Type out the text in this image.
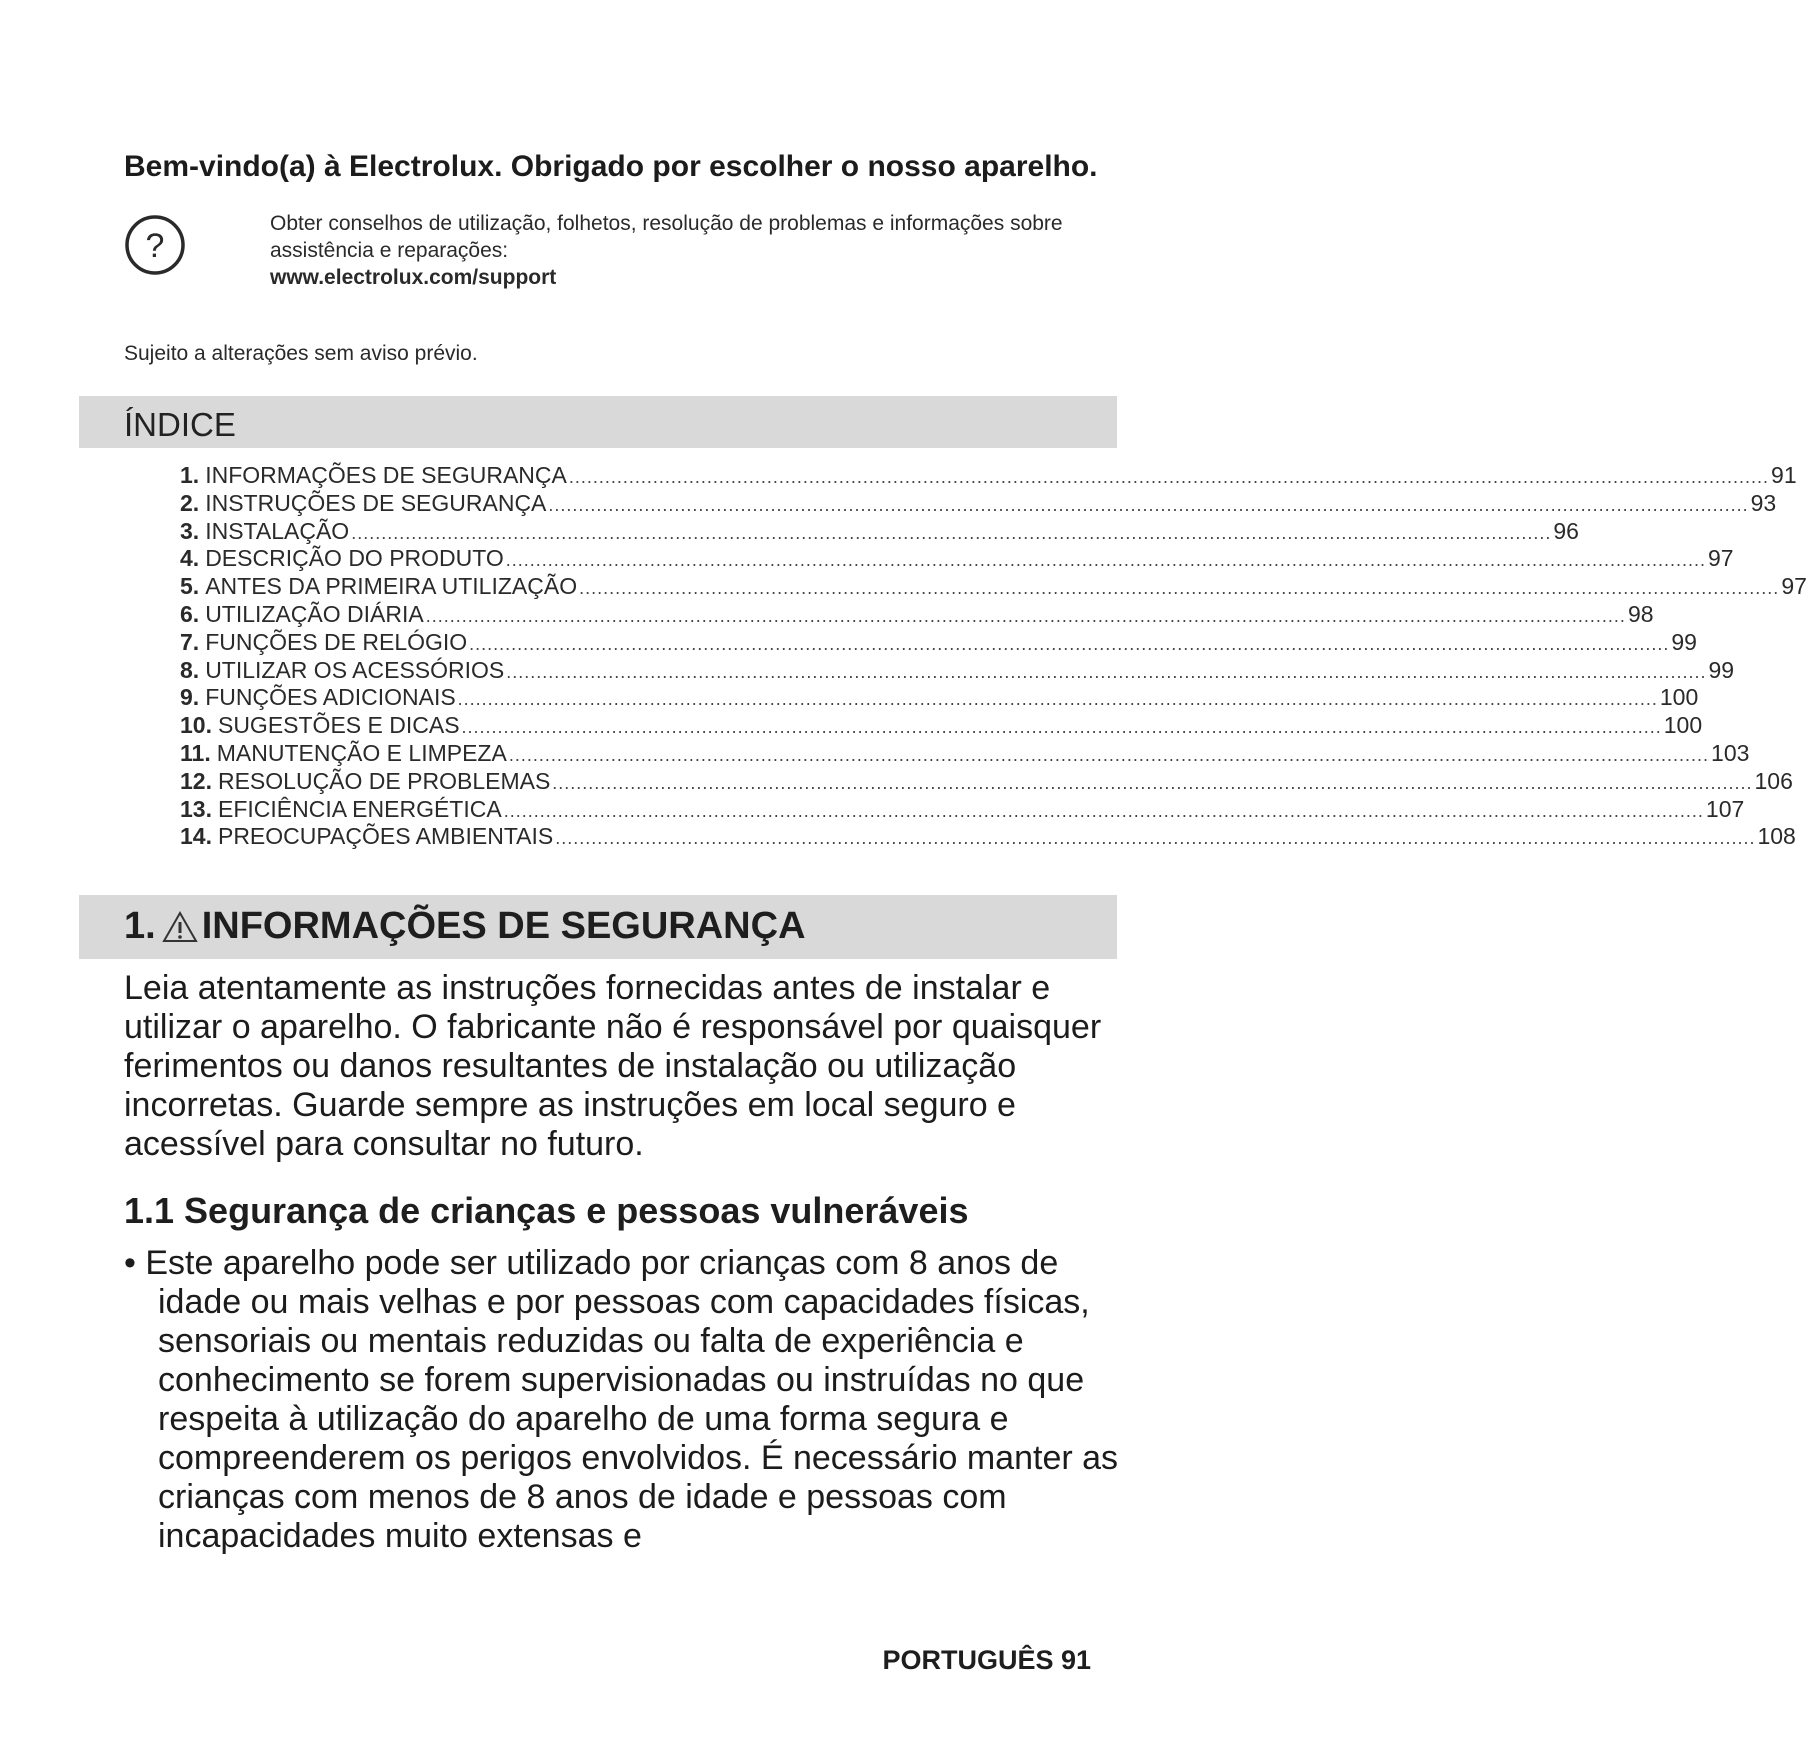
Bem-vindo(a) à Electrolux. Obrigado por escolher o nosso aparelho.
?
Obter conselhos de utilização, folhetos, resolução de problemas e informações sobre assistência e reparações:
www.electrolux.com/support
Sujeito a alterações sem aviso prévio.
ÍNDICE
1. INFORMAÇÕES DE SEGURANÇA ........................................................................................................................................................................................................ 91
2. INSTRUÇÕES DE SEGURANÇA ........................................................................................................................................................................................................ 93
3. INSTALAÇÃO ........................................................................................................................................................................................................ 96
4. DESCRIÇÃO DO PRODUTO ........................................................................................................................................................................................................ 97
5. ANTES DA PRIMEIRA UTILIZAÇÃO ........................................................................................................................................................................................................ 97
6. UTILIZAÇÃO DIÁRIA ........................................................................................................................................................................................................ 98
7. FUNÇÕES DE RELÓGIO ........................................................................................................................................................................................................ 99
8. UTILIZAR OS ACESSÓRIOS ........................................................................................................................................................................................................ 99
9. FUNÇÕES ADICIONAIS ........................................................................................................................................................................................................ 100
10. SUGESTÕES E DICAS ........................................................................................................................................................................................................ 100
11. MANUTENÇÃO E LIMPEZA ........................................................................................................................................................................................................ 103
12. RESOLUÇÃO DE PROBLEMAS ........................................................................................................................................................................................................ 106
13. EFICIÊNCIA ENERGÉTICA ........................................................................................................................................................................................................ 107
14. PREOCUPAÇÕES AMBIENTAIS ........................................................................................................................................................................................................ 108
1. INFORMAÇÕES DE SEGURANÇA
Leia atentamente as instruções fornecidas antes de instalar e utilizar o aparelho. O fabricante não é responsável por quaisquer ferimentos ou danos resultantes de instalação ou utilização incorretas. Guarde sempre as instruções em local seguro e acessível para consultar no futuro.
1.1 Segurança de crianças e pessoas vulneráveis
• Este aparelho pode ser utilizado por crianças com 8 anos de idade ou mais velhas e por pessoas com capacidades físicas, sensoriais ou mentais reduzidas ou falta de experiência e conhecimento se forem supervisionadas ou instruídas no que respeita à utilização do aparelho de uma forma segura e compreenderem os perigos envolvidos. É necessário manter as crianças com menos de 8 anos de idade e pessoas com incapacidades muito extensas e
PORTUGUÊS 91
